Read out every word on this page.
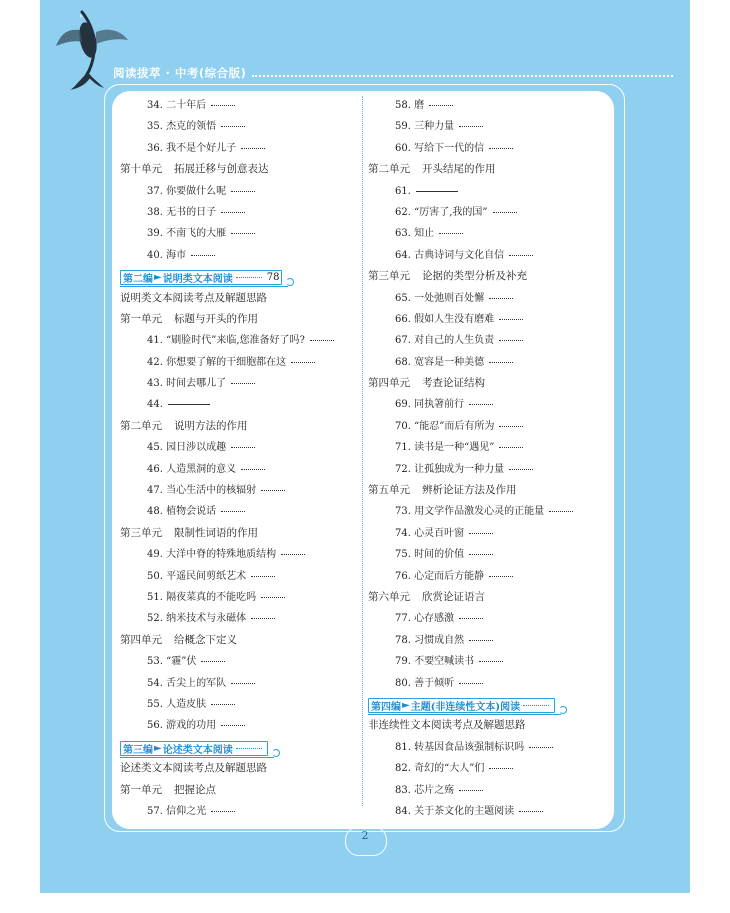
阅读拔萃 · 中考(综合版)
34. 二十年后
35. 杰克的领悟
36. 我不是个好儿子
第十单元 拓展迁移与创意表达
37. 你要做什么呢
38. 无书的日子
39. 不南飞的大雁
40. 海市
第二编 ► 说明类文本阅读	78
说明类文本阅读考点及解题思路
第一单元 标题与开头的作用
41. “刷脸时代”来临,您准备好了吗?
42. 你想要了解的干细胞都在这
43. 时间去哪儿了
44.
第二单元 说明方法的作用
45. 园日涉以成趣
46. 人造黑洞的意义
47. 当心生活中的核辐射
48. 植物会说话
第三单元 限制性词语的作用
49. 大洋中脊的特殊地质结构
50. 平遥民间剪纸艺术
51. 隔夜菜真的不能吃吗
52. 纳米技术与永磁体
第四单元 给概念下定义
53. “霾”伏
54. 舌尖上的军队
55. 人造皮肤
56. 游戏的功用
第三编 ► 论述类文本阅读
论述类文本阅读考点及解题思路
第一单元 把握论点
57. 信仰之光
58. 磨
59. 三种力量
60. 写给下一代的信
第二单元 开头结尾的作用
61.
62. “厉害了,我的国”
63. 知止
64. 古典诗词与文化自信
第三单元 论据的类型分析及补充
65. 一处弛则百处懈
66. 假如人生没有磨难
67. 对自己的人生负责
68. 宽容是一种美德
第四单元 考查论证结构
69. 同执箸前行
70. “能忍”而后有所为
71. 读书是一种“遇见”
72. 让孤独成为一种力量
第五单元 辨析论证方法及作用
73. 用文学作品激发心灵的正能量
74. 心灵百叶窗
75. 时间的价值
76. 心定而后方能静
第六单元 欣赏论证语言
77. 心存感激
78. 习惯成自然
79. 不要空喊读书
80. 善于倾听
第四编 ► 主题(非连续性文本)阅读
非连续性文本阅读考点及解题思路
81. 转基因食品该强制标识吗
82. 奇幻的“大人”们
83. 芯片之殇
84. 关于茶文化的主题阅读
2
